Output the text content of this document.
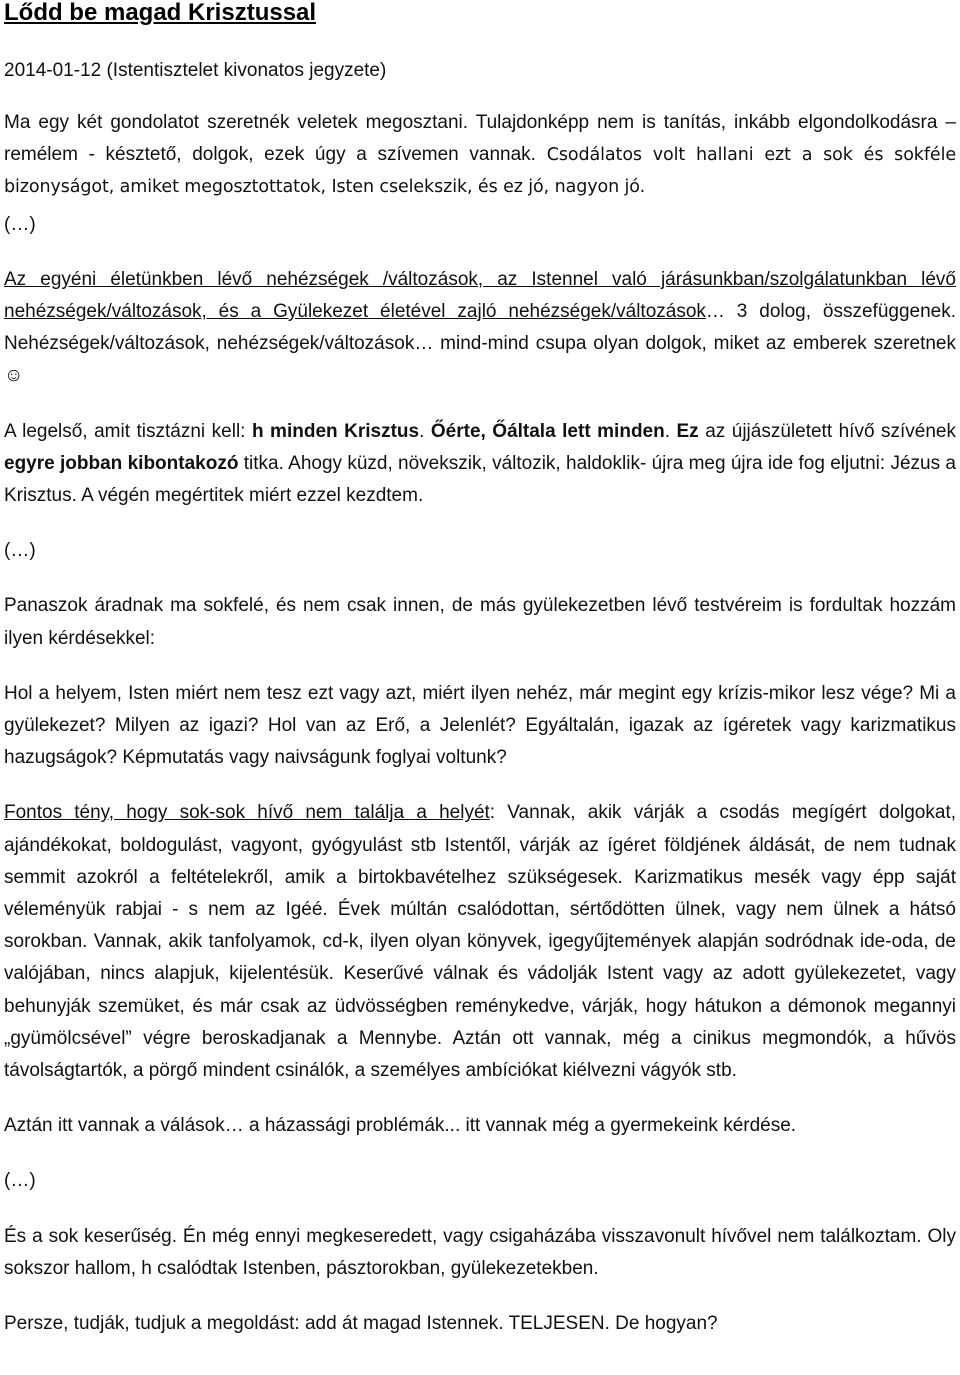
Lődd be magad Krisztussal
2014-01-12 (Istentisztelet kivonatos jegyzete)

Ma egy két gondolatot szeretnék veletek megosztani. Tulajdonképp nem is tanítás, inkább elgondolkodásra – remélem - késztető, dolgok, ezek úgy a szívemen vannak. Csodálatos volt hallani ezt a sok és sokféle bizonyságot, amiket megosztottatok, Isten cselekszik, és ez jó, nagyon jó.

(…)

Az egyéni életünkben lévő nehézségek /változások, az Istennel való járásunkban/szolgálatunkban lévő nehézségek/változások, és a Gyülekezet életével zajló nehézségek/változások… 3 dolog, összefüggenek. Nehézségek/változások, nehézségek/változások… mind-mind csupa olyan dolgok, miket az emberek szeretnek☺

A legelső, amit tisztázni kell: h minden Krisztus. Őérte, Őáltala lett minden. Ez az újjászületett hívő szívének egyre jobban kibontakozó titka. Ahogy küzd, növekszik, változik, haldoklik- újra meg újra ide fog eljutni: Jézus a Krisztus. A végén megértitek miért ezzel kezdtem.

(…)

Panaszok áradnak ma sokfelé, és nem csak innen, de más gyülekezetben lévő testvéreim is fordultak hozzám ilyen kérdésekkel:

Hol a helyem, Isten miért nem tesz ezt vagy azt, miért ilyen nehéz, már megint egy krízis-mikor lesz vége? Mi a gyülekezet? Milyen az igazi? Hol van az Erő, a Jelenlét? Egyáltalán, igazak az ígéretek vagy karizmatikus hazugságok? Képmutatás vagy naivságunk foglyai voltunk?

Fontos tény, hogy sok-sok hívő nem találja a helyét: Vannak, akik várják a csodás megígért dolgokat, ajándékokat, boldogulást, vagyont, gyógyulást stb Istentől, várják az ígéret földjének áldását, de nem tudnak semmit azokról a feltételekről, amik a birtokbavételhez szükségesek. Karizmatikus mesék vagy épp saját véleményük rabjai - s nem az Igéé. Évek múltán csalódottan, sértődötten ülnek, vagy nem ülnek a hátsó sorokban. Vannak, akik tanfolyamok, cd-k, ilyen olyan könyvek, igegyűjtemények alapján sodródnak ide-oda, de valójában, nincs alapjuk, kijelentésük. Keserűvé válnak és vádolják Istent vagy az adott gyülekezetet, vagy behunyják szemüket, és már csak az üdvösségben reménykedve, várják, hogy hátukon a démonok megannyi „gyümölcsével” végre beroskadjanak a Mennybe. Aztán ott vannak, még a cinikus megmondók, a hűvös távolságtartók, a pörgő mindent csinálók, a személyes ambíciókat kiélvezni vágyók stb.

Aztán itt vannak a válások… a házassági problémák... itt vannak még a gyermekeink kérdése.

(…)

És a sok keserűség. Én még ennyi megkeseredett, vagy csigaházába visszavonult hívővel nem találkoztam. Oly sokszor hallom, h csalódtak Istenben, pásztorokban, gyülekezetekben.

Persze, tudják, tudjuk a megoldást: add át magad Istennek. TELJESEN. De hogyan?
